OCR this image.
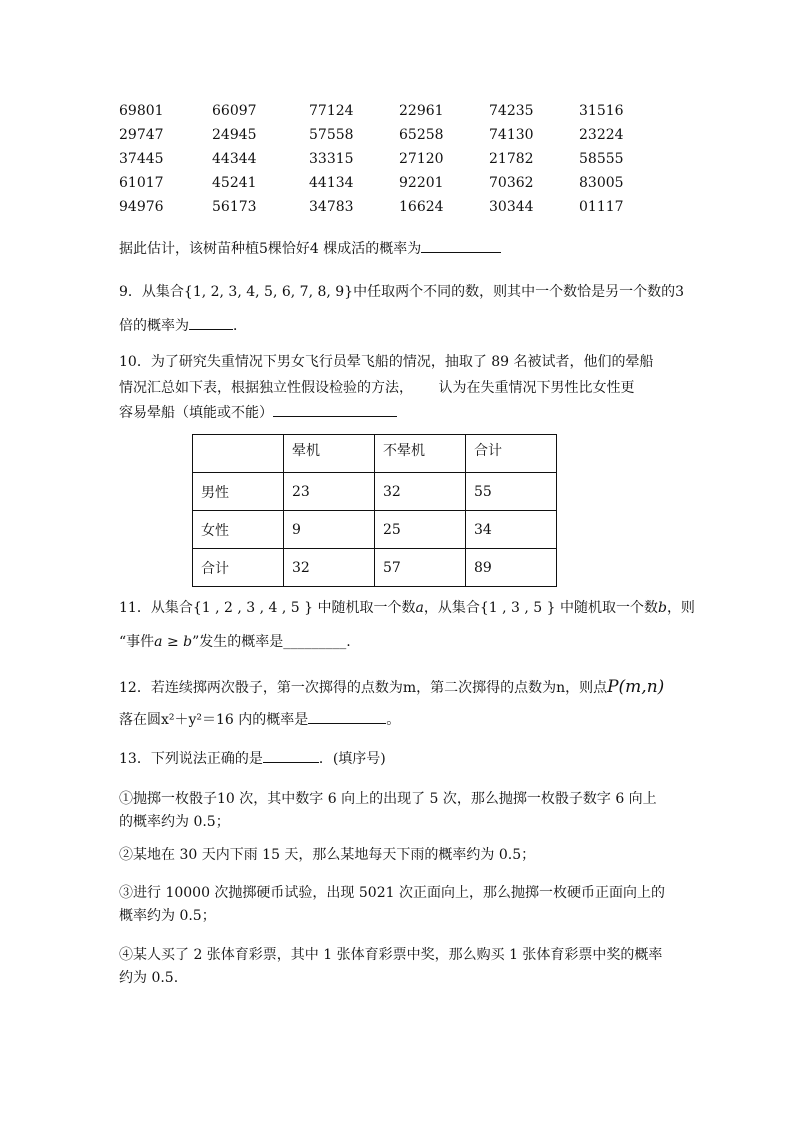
69801	66097	77124	22961	74235	31516
29747	24945	57558	65258	74130	23224
37445	44344	33315	27120	21782	58555
61017	45241	44134	92201	70362	83005
94976	56173	34783	16624	30344	01117
据此估计，该树苗种植5棵恰好4 棵成活的概率为
9．从集合{1, 2, 3, 4, 5, 6, 7, 8, 9}中任取两个不同的数，则其中一个数恰是另一个数的3
倍的概率为	．
10．为了研究失重情况下男女飞行员晕飞船的情况，抽取了 89 名被试者，他们的晕船
情况汇总如下表，根据独立性假设检验的方法，　　 认为在失重情况下男性比女性更
容易晕船（填能或不能）
	晕机	不晕机	合计
男性	23	32	55
女性	9	25	34
合计	32	57	89
11．从集合{1 , 2 , 3 , 4 , 5 } 中随机取一个数a，从集合{1 , 3 , 5 } 中随机取一个数b，则
“事件a ≥ b”发生的概率是_________.
12．若连续掷两次骰子，第一次掷得的点数为m，第二次掷得的点数为n，则点P(m,n)
落在圆x²＋y²＝16 内的概率是	。
13．下列说法正确的是	．(填序号)
①抛掷一枚骰子10 次，其中数字 6 向上的出现了 5 次，那么抛掷一枚骰子数字 6 向上
的概率约为 0.5；
②某地在 30 天内下雨 15 天，那么某地每天下雨的概率约为 0.5；
③进行 10000 次抛掷硬币试验，出现 5021 次正面向上，那么抛掷一枚硬币正面向上的
概率约为 0.5；
④某人买了 2 张体育彩票，其中 1 张体育彩票中奖，那么购买 1 张体育彩票中奖的概率
约为 0.5.
